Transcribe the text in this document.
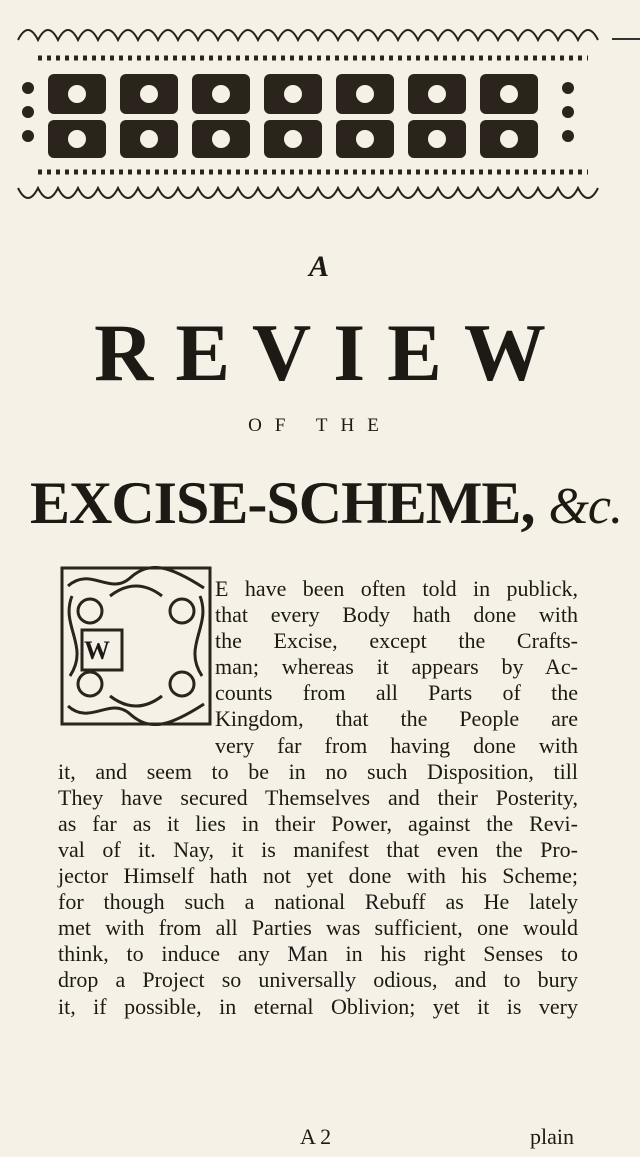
A
REVIEW
OF THE
EXCISE-SCHEME, &c.
W
E have been often told in publick,
that every Body hath done with
the Excise, except the Crafts-
man; whereas it appears by Ac-
counts from all Parts of the
Kingdom, that the People are
very far from having done with
it, and seem to be in no such Disposition, till
They have secured Themselves and their Posterity,
as far as it lies in their Power, against the Revi-
val of it. Nay, it is manifest that even the Pro-
jector Himself hath not yet done with his Scheme;
for though such a national Rebuff as He lately
met with from all Parties was sufficient, one would
think, to induce any Man in his right Senses to
drop a Project so universally odious, and to bury
it, if possible, in eternal Oblivion; yet it is very
A 2	plain
